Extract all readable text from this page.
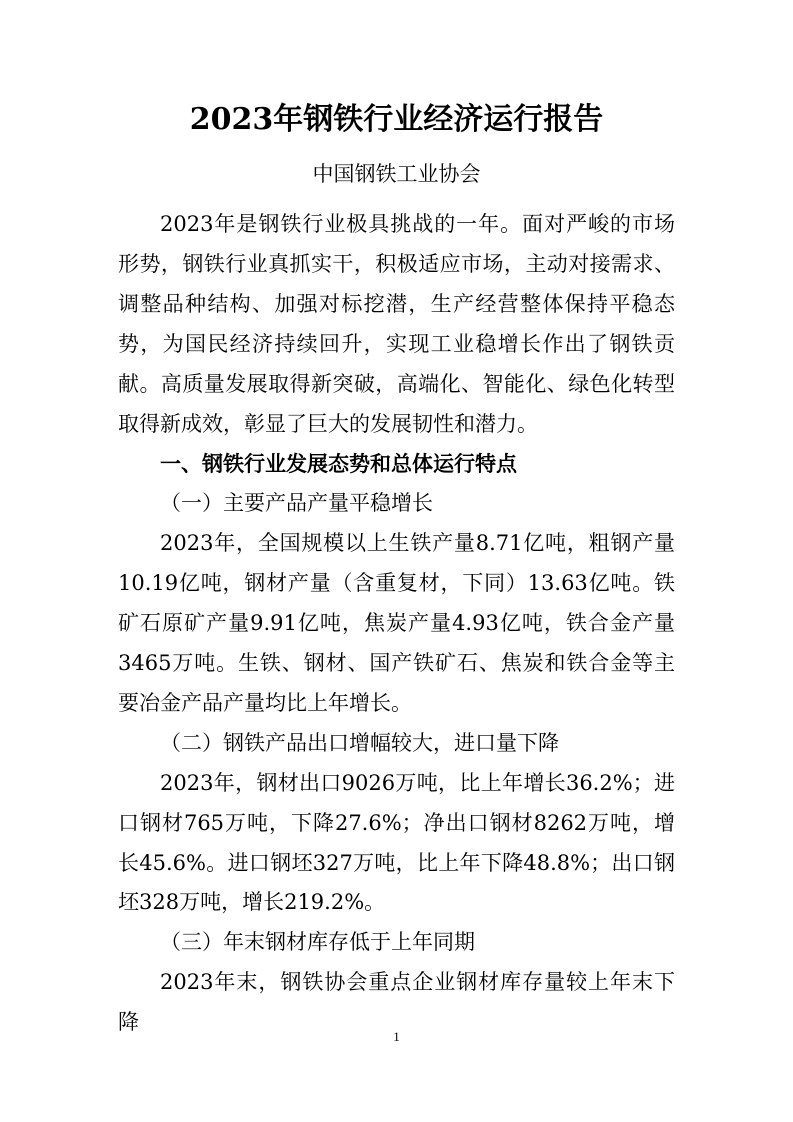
2023年钢铁行业经济运行报告
中国钢铁工业协会

2023年是钢铁行业极具挑战的一年。面对严峻的市场形势，钢铁行业真抓实干，积极适应市场，主动对接需求、调整品种结构、加强对标挖潜，生产经营整体保持平稳态势，为国民经济持续回升，实现工业稳增长作出了钢铁贡献。高质量发展取得新突破，高端化、智能化、绿色化转型取得新成效，彰显了巨大的发展韧性和潜力。

一、钢铁行业发展态势和总体运行特点

（一）主要产品产量平稳增长

2023年，全国规模以上生铁产量8.71亿吨，粗钢产量10.19亿吨，钢材产量（含重复材，下同）13.63亿吨。铁矿石原矿产量9.91亿吨，焦炭产量4.93亿吨，铁合金产量3465万吨。生铁、钢材、国产铁矿石、焦炭和铁合金等主要冶金产品产量均比上年增长。

（二）钢铁产品出口增幅较大，进口量下降

2023年，钢材出口9026万吨，比上年增长36.2%；进口钢材765万吨，下降27.6%；净出口钢材8262万吨，增长45.6%。进口钢坯327万吨，比上年下降48.8%；出口钢坯328万吨，增长219.2%。

（三）年末钢材库存低于上年同期

2023年末，钢铁协会重点企业钢材库存量较上年末下降

1
